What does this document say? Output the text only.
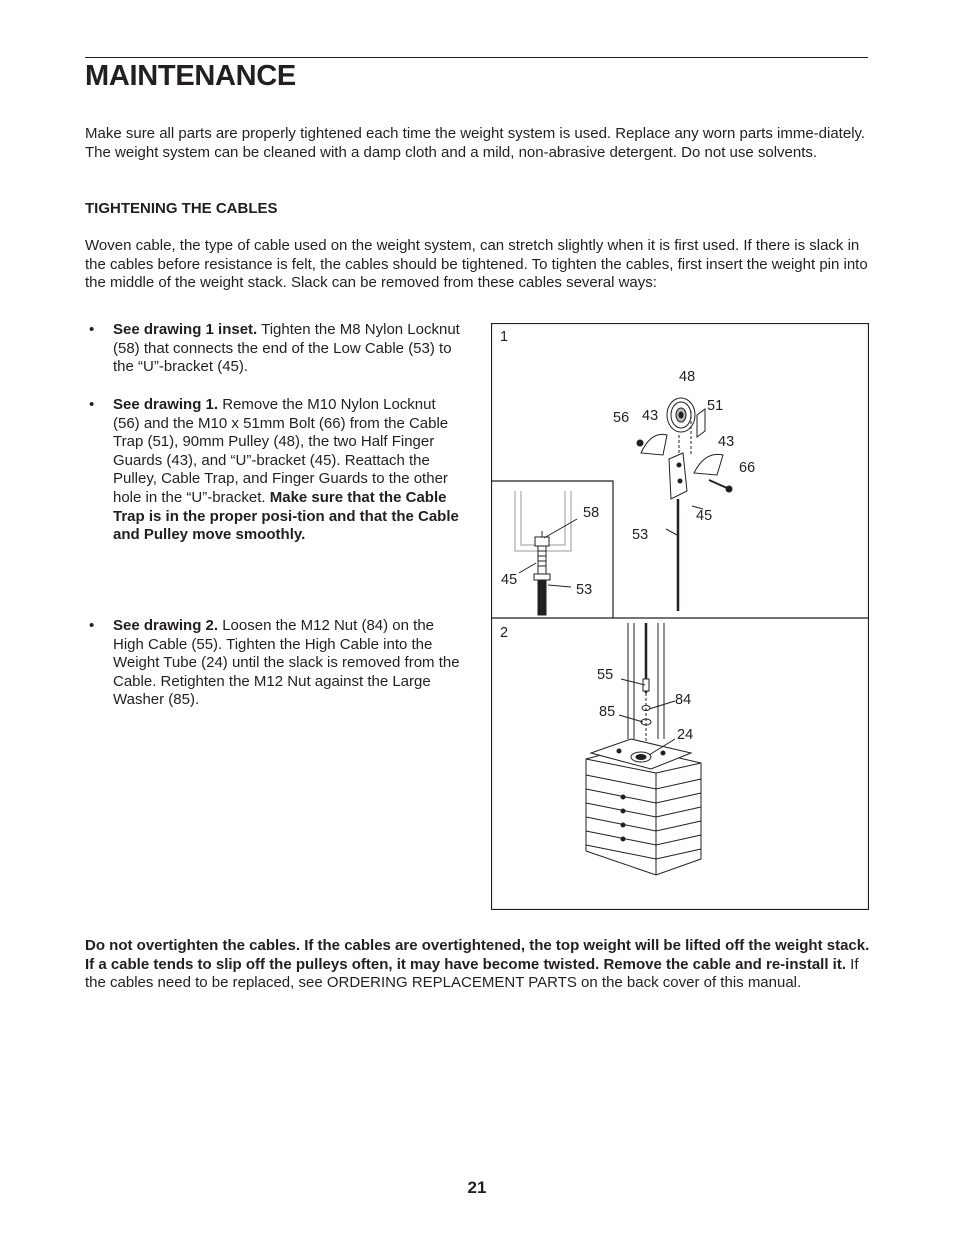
MAINTENANCE

Make sure all parts are properly tightened each time the weight system is used. Replace any worn parts imme-diately. The weight system can be cleaned with a damp cloth and a mild, non-abrasive detergent. Do not use solvents.

TIGHTENING THE CABLES

Woven cable, the type of cable used on the weight system, can stretch slightly when it is first used. If there is slack in the cables before resistance is felt, the cables should be tightened. To tighten the cables, first insert the weight pin into the middle of the weight stack. Slack can be removed from these cables several ways:

• See drawing 1 inset. Tighten the M8 Nylon Locknut (58) that connects the end of the Low Cable (53) to the “U”-bracket (45).
• See drawing 1. Remove the M10 Nylon Locknut (56) and the M10 x 51mm Bolt (66) from the Cable Trap (51), 90mm Pulley (48), the two Half Finger Guards (43), and “U”-bracket (45). Reattach the Pulley, Cable Trap, and Finger Guards to the other hole in the “U”-bracket. Make sure that the Cable Trap is in the proper posi-tion and that the Cable and Pulley move smoothly.
• See drawing 2. Loosen the M12 Nut (84) on the High Cable (55). Tighten the High Cable into the Weight Tube (24) until the slack is removed from the Cable. Retighten the M12 Nut against the Large Washer (85).
1
2
58
45
53
48
51
56 43
43
66
45
53
55
84
85
24

Do not overtighten the cables. If the cables are overtightened, the top weight will be lifted off the weight stack. If a cable tends to slip off the pulleys often, it may have become twisted. Remove the cable and re-install it. If the cables need to be replaced, see ORDERING REPLACEMENT PARTS on the back cover of this manual.

21
